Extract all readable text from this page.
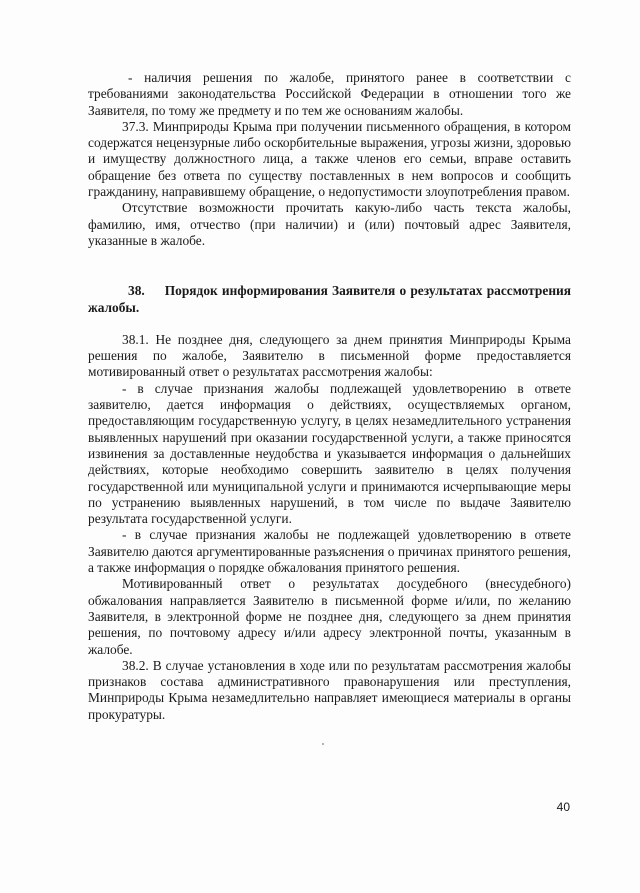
- наличия решения по жалобе, принятого ранее в соответствии с требованиями законодательства Российской Федерации в отношении того же Заявителя, по тому же предмету и по тем же основаниям жалобы.

37.3. Минприроды Крыма при получении письменного обращения, в котором содержатся нецензурные либо оскорбительные выражения, угрозы жизни, здоровью и имуществу должностного лица, а также членов его семьи, вправе оставить обращение без ответа по существу поставленных в нем вопросов и сообщить гражданину, направившему обращение, о недопустимости злоупотребления правом.

Отсутствие возможности прочитать какую-либо часть текста жалобы, фамилию, имя, отчество (при наличии) и (или) почтовый адрес Заявителя, указанные в жалобе.

38. Порядок информирования Заявителя о результатах рассмотрения жалобы.

38.1. Не позднее дня, следующего за днем принятия Минприроды Крыма решения по жалобе, Заявителю в письменной форме предоставляется мотивированный ответ о результатах рассмотрения жалобы:

- в случае признания жалобы подлежащей удовлетворению в ответе заявителю, дается информация о действиях, осуществляемых органом, предоставляющим государственную услугу, в целях незамедлительного устранения выявленных нарушений при оказании государственной услуги, а также приносятся извинения за доставленные неудобства и указывается информация о дальнейших действиях, которые необходимо совершить заявителю в целях получения государственной или муниципальной услуги и принимаются исчерпывающие меры по устранению выявленных нарушений, в том числе по выдаче Заявителю результата государственной услуги.

- в случае признания жалобы не подлежащей удовлетворению в ответе Заявителю даются аргументированные разъяснения о причинах принятого решения, а также информация о порядке обжалования принятого решения.

Мотивированный ответ о результатах досудебного (внесудебного) обжалования направляется Заявителю в письменной форме и/или, по желанию Заявителя, в электронной форме не позднее дня, следующего за днем принятия решения, по почтовому адресу и/или адресу электронной почты, указанным в жалобе.

38.2. В случае установления в ходе или по результатам рассмотрения жалобы признаков состава административного правонарушения или преступления, Минприроды Крыма незамедлительно направляет имеющиеся материалы в органы прокуратуры.

40
